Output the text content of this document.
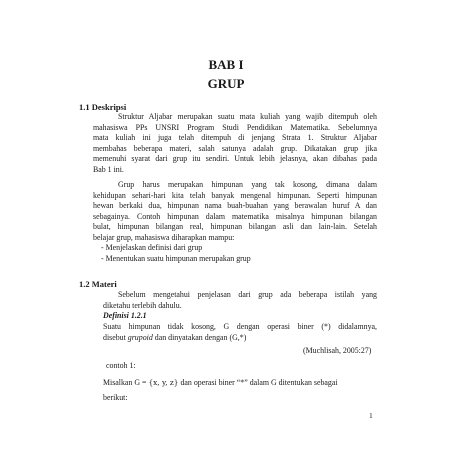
BAB I
GRUP
1.1 Deskripsi
Struktur Aljabar merupakan suatu mata kuliah yang wajib ditempuh oleh
mahasiswa PPs UNSRI Program Studi Pendidikan Matematika. Sebelumnya
mata kuliah ini juga telah ditempuh di jenjang Strata 1. Struktur Aljabar
membahas beberapa materi, salah satunya adalah grup. Dikatakan grup jika
memenuhi syarat dari grup itu sendiri. Untuk lebih jelasnya, akan dibahas pada
Bab 1 ini.
Grup harus merupakan himpunan yang tak kosong, dimana dalam
kehidupan sehari-hari kita telah banyak mengenal himpunan. Seperti himpunan
hewan berkaki dua, himpunan nama buah-buahan yang berawalan huruf A dan
sebagainya. Contoh himpunan dalam matematika misalnya himpunan bilangan
bulat, himpunan bilangan real, himpunan bilangan asli dan lain-lain. Setelah
belajar grup, mahasiswa diharapkan mampu:
- Menjelaskan definisi dari grup
- Menentukan suatu himpunan merupakan grup
1.2 Materi
Sebelum mengetahui penjelasan dari grup ada beberapa istilah yang
diketahu terlebih dahulu.
Definisi 1.2.1
Suatu himpunan tidak kosong, G dengan operasi biner (*) didalamnya,
disebut grupoid dan dinyatakan dengan (G,*)
(Muchlisah, 2005:27)
contoh 1:
Misalkan G = {x, y, z} dan operasi biner “*” dalam G ditentukan sebagai
berikut:
1
